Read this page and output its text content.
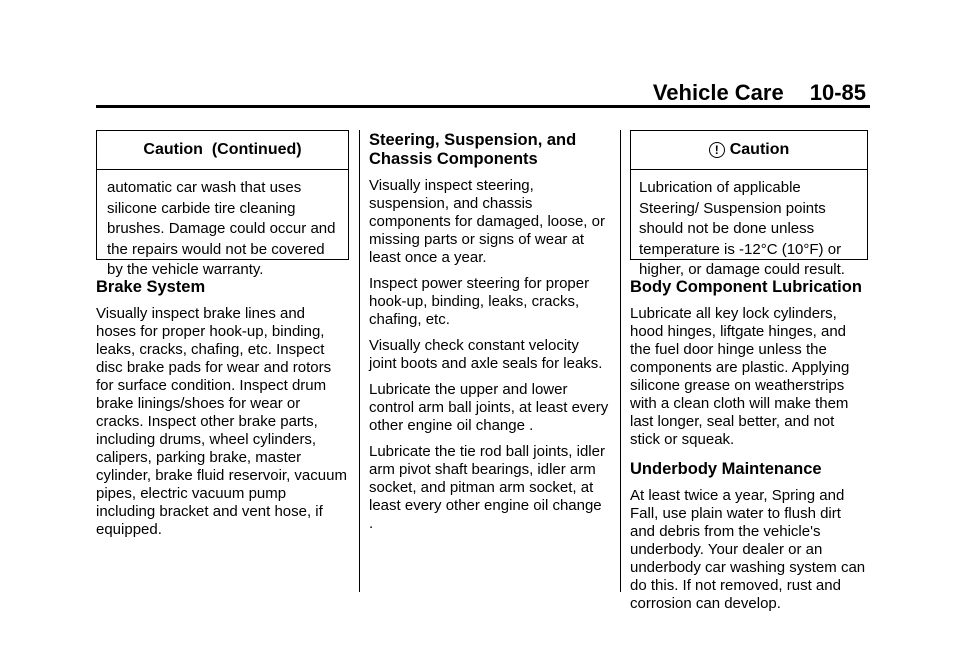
Vehicle Care 10-85
Caution  (Continued)
automatic car wash that uses silicone carbide tire cleaning brushes. Damage could occur and the repairs would not be covered by the vehicle warranty.
Brake System

Visually inspect brake lines and hoses for proper hook-up, binding, leaks, cracks, chafing, etc. Inspect disc brake pads for wear and rotors for surface condition. Inspect drum brake linings/shoes for wear or cracks. Inspect other brake parts, including drums, wheel cylinders, calipers, parking brake, master cylinder, brake fluid reservoir, vacuum pipes, electric vacuum pump including bracket and vent hose, if equipped.

Steering, Suspension, and Chassis Components

Visually inspect steering, suspension, and chassis components for damaged, loose, or missing parts or signs of wear at least once a year.

Inspect power steering for proper hook-up, binding, leaks, cracks, chafing, etc.

Visually check constant velocity joint boots and axle seals for leaks.

Lubricate the upper and lower control arm ball joints, at least every other engine oil change .

Lubricate the tie rod ball joints, idler arm pivot shaft bearings, idler arm socket, and pitman arm socket, at least every other engine oil change .

! Caution
Lubrication of applicable Steering/ Suspension points should not be done unless temperature is -12°C (10°F) or higher, or damage could result.
Body Component Lubrication

Lubricate all key lock cylinders, hood hinges, liftgate hinges, and the fuel door hinge unless the components are plastic. Applying silicone grease on weatherstrips with a clean cloth will make them last longer, seal better, and not stick or squeak.

Underbody Maintenance

At least twice a year, Spring and Fall, use plain water to flush dirt and debris from the vehicle's underbody. Your dealer or an underbody car washing system can do this. If not removed, rust and corrosion can develop.
